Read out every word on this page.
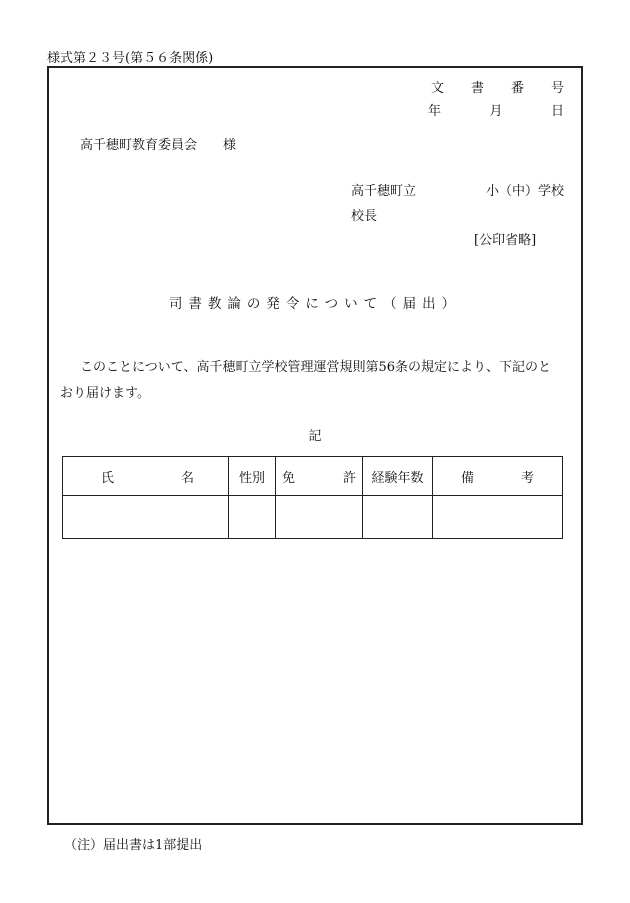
様式第２３号(第５６条関係)
文 書 番 号
年	月	日
高千穂町教育委員会 様
高千穂町立	小（中）学校
校長
[公印省略]
司書教論の発令について（届出）
このことについて、高千穂町立学校管理運営規則第56条の規定により、下記のと
おり届けます。
記
氏 名	性別	免 許	経験年数	備 考

（注）届出書は1部提出
